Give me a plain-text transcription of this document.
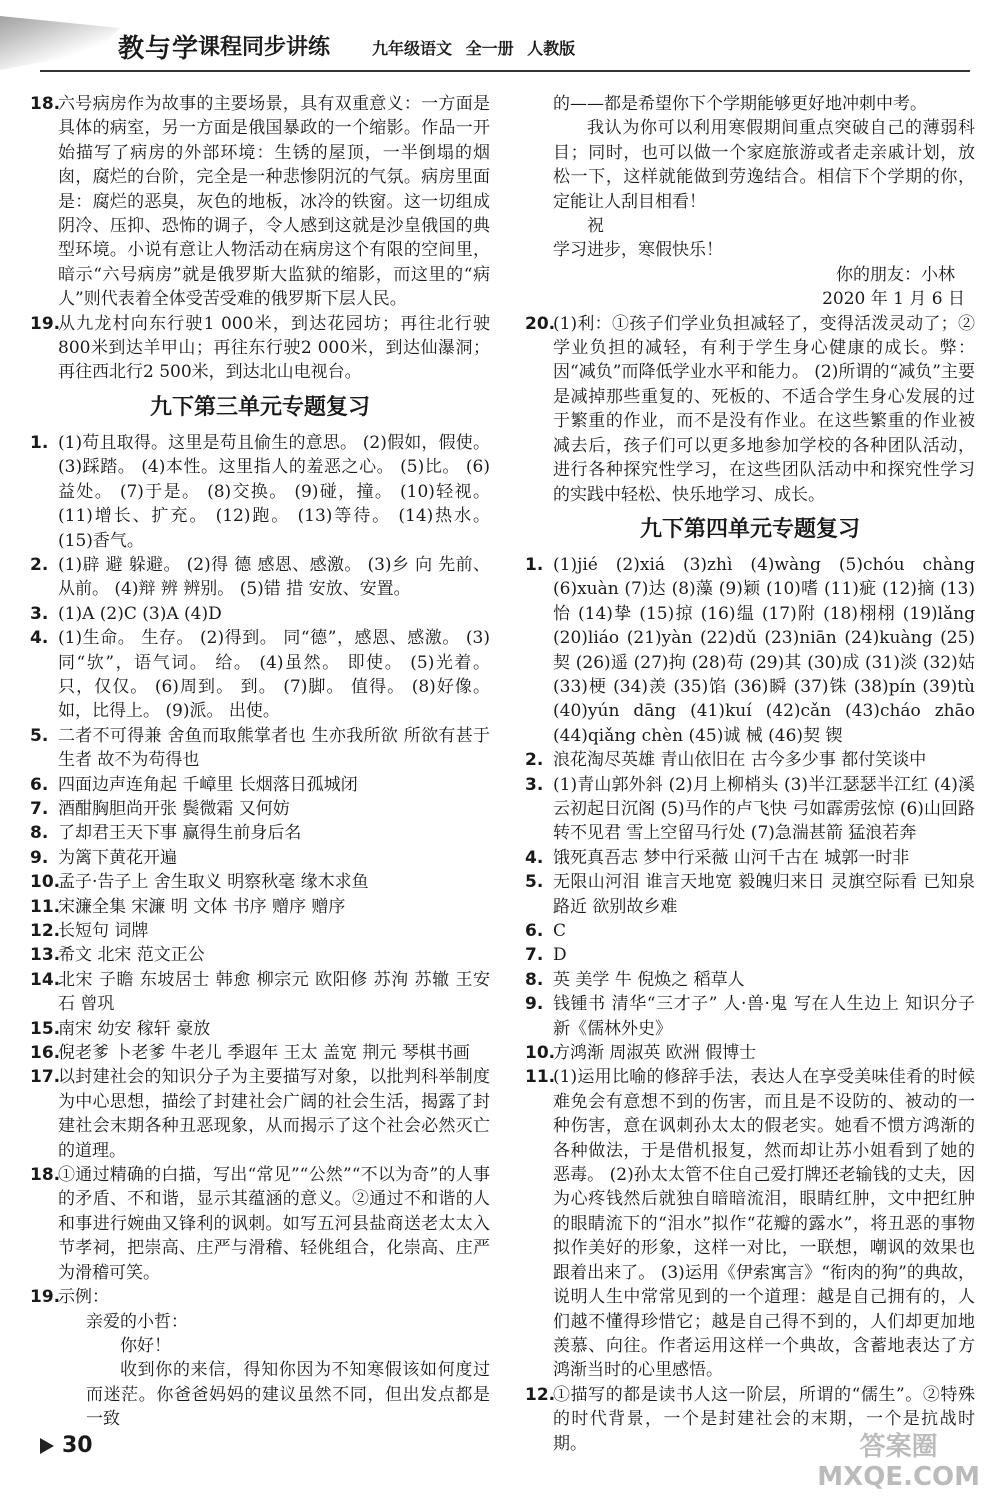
教与学
课程同步讲练	九年级语文 全一册 人教版
18.
六号病房作为故事的主要场景，具有双重意义：一方面是具体的病室，另一方面是俄国暴政的一个缩影。作品一开始描写了病房的外部环境：生锈的屋顶，一半倒塌的烟囱，腐烂的台阶，完全是一种悲惨阴沉的气氛。病房里面是：腐烂的恶臭，灰色的地板，冰冷的铁窗。这一切组成阴冷、压抑、恐怖的调子，令人感到这就是沙皇俄国的典型环境。小说有意让人物活动在病房这个有限的空间里，暗示“六号病房”就是俄罗斯大监狱的缩影，而这里的“病人”则代表着全体受苦受难的俄罗斯下层人民。
19.
从九龙村向东行驶1 000米，到达花园坊；再往北行驶800米到达羊甲山；再往东行驶2 000米，到达仙瀑洞；再往西北行2 500米，到达北山电视台。
九下第三单元专题复习
1. (1)苟且取得。这里是苟且偷生的意思。 (2)假如，假使。 (3)踩踏。 (4)本性。这里指人的羞恶之心。 (5)比。 (6)益处。 (7)于是。 (8)交换。 (9)碰，撞。 (10)轻视。 (11)增长、扩充。 (12)跑。 (13)等待。 (14)热水。 (15)香气。
2. (1)辟 避 躲避。 (2)得 德 感恩、感激。 (3)乡 向 先前、从前。 (4)辩 辨 辨别。 (5)错 措 安放、安置。
3. (1)A (2)C (3)A (4)D
4. (1)生命。 生存。 (2)得到。 同“德”，感恩、感激。 (3)同“欤”，语气词。 给。 (4)虽然。 即使。 (5)光着。 只，仅仅。 (6)周到。 到。 (7)脚。 值得。 (8)好像。 如，比得上。 (9)派。 出使。
5. 二者不可得兼 舍鱼而取熊掌者也 生亦我所欲 所欲有甚于生者 故不为苟得也
6. 四面边声连角起 千嶂里 长烟落日孤城闭
7. 酒酣胸胆尚开张 鬓微霜 又何妨
8. 了却君王天下事 赢得生前身后名
9. 为篱下黄花开遍
10.
孟子·告子上 舍生取义 明察秋毫 缘木求鱼
11.
宋濂全集 宋濂 明 文体 书序 赠序 赠序
12.
长短句 词牌
13.
希文 北宋 范文正公
14.
北宋 子瞻 东坡居士 韩愈 柳宗元 欧阳修 苏洵 苏辙 王安石 曾巩
15.
南宋 幼安 稼轩 豪放
16.
倪老爹 卜老爹 牛老儿 季遐年 王太 盖宽 荆元 琴棋书画
17.
以封建社会的知识分子为主要描写对象，以批判科举制度为中心思想，描绘了封建社会广阔的社会生活，揭露了封建社会末期各种丑恶现象，从而揭示了这个社会必然灭亡的道理。
18.
①通过精确的白描，写出“常见”“公然”“不以为奇”的人事的矛盾、不和谐，显示其蕴涵的意义。②通过不和谐的人和事进行婉曲又锋利的讽刺。如写五河县盐商送老太太入节孝祠，把崇高、庄严与滑稽、轻佻组合，化崇高、庄严为滑稽可笑。
19.
示例：
亲爱的小哲：
你好！
收到你的来信，得知你因为不知寒假该如何度过而迷茫。你爸爸妈妈的建议虽然不同，但出发点都是一致
的——都是希望你下个学期能够更好地冲刺中考。
我认为你可以利用寒假期间重点突破自己的薄弱科目；同时，也可以做一个家庭旅游或者走亲戚计划，放松一下，这样就能做到劳逸结合。相信下个学期的你，定能让人刮目相看！
祝
学习进步，寒假快乐！
你的朋友：小林
2020 年 1 月 6 日
20.
(1)利：①孩子们学业负担减轻了，变得活泼灵动了；②学业负担的减轻，有利于学生身心健康的成长。弊：因“减负”而降低学业水平和能力。 (2)所谓的“减负”主要是减掉那些重复的、死板的、不适合学生身心发展的过于繁重的作业，而不是没有作业。在这些繁重的作业被减去后，孩子们可以更多地参加学校的各种团队活动，进行各种探究性学习，在这些团队活动中和探究性学习的实践中轻松、快乐地学习、成长。
九下第四单元专题复习
1. (1)jié (2)xiá (3)zhì (4)wàng (5)chóu chàng (6)xuàn (7)达 (8)藻 (9)颖 (10)嗜 (11)疵 (12)摘 (13)怡 (14)挚 (15)掠 (16)缊 (17)附 (18)栩栩 (19)lǎng (20)liáo (21)yàn (22)dǔ (23)niān (24)kuàng (25)契 (26)遥 (27)拘 (28)苟 (29)其 (30)成 (31)淡 (32)姑 (33)梗 (34)羡 (35)馅 (36)瞬 (37)铢 (38)pín (39)tù (40)yún dāng (41)kuí (42)cǎn (43)cháo zhāo (44)qiǎng chèn (45)诚 械 (46)契 锲
2. 浪花淘尽英雄 青山依旧在 古今多少事 都付笑谈中
3. (1)青山郭外斜 (2)月上柳梢头 (3)半江瑟瑟半江红 (4)溪云初起日沉阁 (5)马作的卢飞快 弓如霹雳弦惊 (6)山回路转不见君 雪上空留马行处 (7)急湍甚箭 猛浪若奔
4. 饿死真吾志 梦中行采薇 山河千古在 城郭一时非
5. 无限山河泪 谁言天地宽 毅魄归来日 灵旗空际看 已知泉路近 欲别故乡难
6. C
7. D
8. 英 美学 牛 倪焕之 稻草人
9. 钱锺书 清华“三才子” 人·兽·鬼 写在人生边上 知识分子 新《儒林外史》
10.
方鸿渐 周淑英 欧洲 假博士
11.
(1)运用比喻的修辞手法，表达人在享受美味佳肴的时候难免会有意想不到的伤害，而且是不设防的、被动的一种伤害，意在讽刺孙太太的假老实。她看不惯方鸿渐的各种做法，于是借机报复，然而却让苏小姐看到了她的恶毒。 (2)孙太太管不住自己爱打牌还老输钱的丈夫，因为心疼钱然后就独自暗暗流泪，眼睛红肿，文中把红肿的眼睛流下的“泪水”拟作“花瓣的露水”，将丑恶的事物拟作美好的形象，这样一对比，一联想，嘲讽的效果也跟着出来了。 (3)运用《伊索寓言》“衔肉的狗”的典故，说明人生中常常见到的一个道理：越是自己拥有的，人们越不懂得珍惜它；越是自己得不到的，人们却更加地羡慕、向往。作者运用这样一个典故，含蓄地表达了方鸿渐当时的心里感悟。
12.
①描写的都是读书人这一阶层，所谓的“儒生”。②特殊的时代背景，一个是封建社会的末期，一个是抗战时期。
30	答案圈
MXQE.COM
